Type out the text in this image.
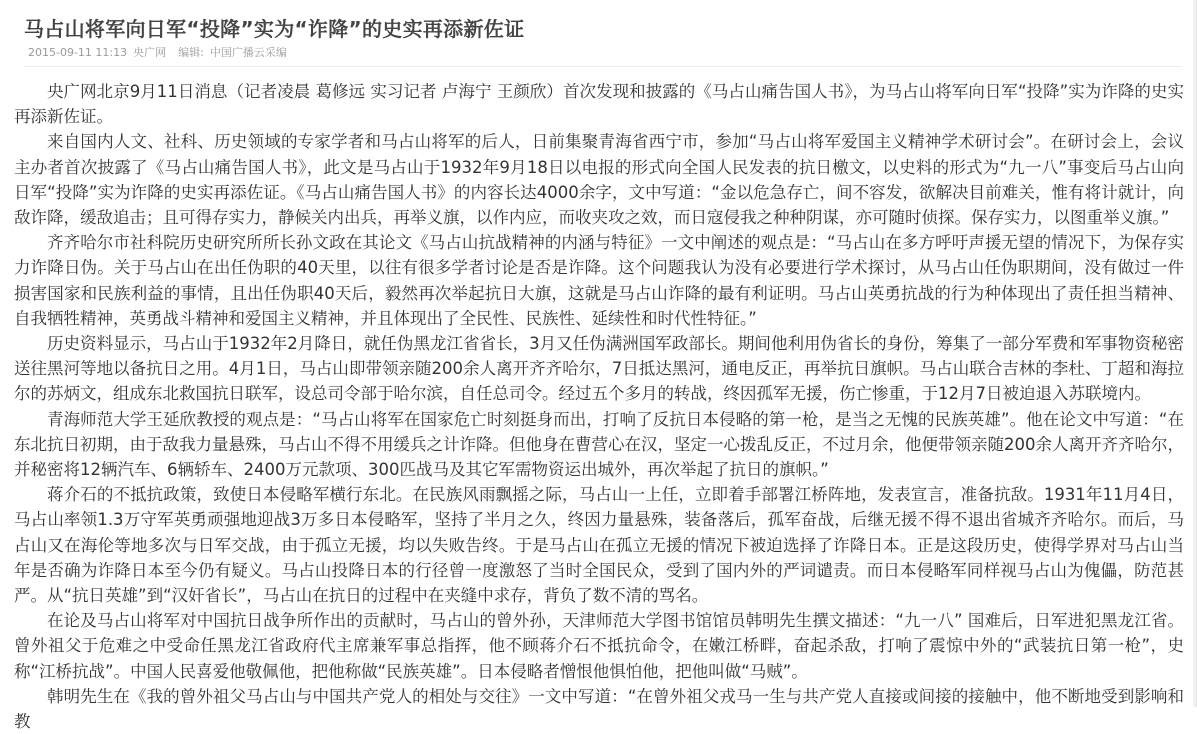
马占山将军向日军“投降”实为“诈降”的史实再添新佐证
2015-09-11 11:13 央广网 编辑: 中国广播云采编

央广网北京9月11日消息（记者凌晨 葛修远 实习记者 卢海宁 王颜欣）首次发现和披露的《马占山痛告国人书》，为马占山将军向日军“投降”实为诈降的史实再添新佐证。

来自国内人文、社科、历史领域的专家学者和马占山将军的后人，日前集聚青海省西宁市，参加“马占山将军爱国主义精神学术研讨会”。在研讨会上，会议主办者首次披露了《马占山痛告国人书》，此文是马占山于1932年9月18日以电报的形式向全国人民发表的抗日檄文，以史料的形式为“九一八”事变后马占山向日军“投降”实为诈降的史实再添佐证。《马占山痛告国人书》的内容长达4000余字，文中写道：“金以危急存亡，间不容发，欲解决目前难关，惟有将计就计，向敌诈降，缓敌追击；且可得存实力，静候关内出兵，再举义旗，以作内应，而收夹攻之效，而日寇侵我之种种阴谋，亦可随时侦探。保存实力，以图重举义旗。”

齐齐哈尔市社科院历史研究所所长孙文政在其论文《马占山抗战精神的内涵与特征》一文中阐述的观点是：“马占山在多方呼吁声援无望的情况下，为保存实力诈降日伪。关于马占山在出任伪职的40天里，以往有很多学者讨论是否是诈降。这个问题我认为没有必要进行学术探讨，从马占山任伪职期间，没有做过一件损害国家和民族利益的事情，且出任伪职40天后，毅然再次举起抗日大旗，这就是马占山诈降的最有利证明。马占山英勇抗战的行为种体现出了责任担当精神、自我牺牲精神，英勇战斗精神和爱国主义精神，并且体现出了全民性、民族性、延续性和时代性特征。”

历史资料显示，马占山于1932年2月降日，就任伪黑龙江省省长，3月又任伪满洲国军政部长。期间他利用伪省长的身份，筹集了一部分军费和军事物资秘密送往黑河等地以备抗日之用。4月1日，马占山即带领亲随200余人离开齐齐哈尔，7日抵达黑河，通电反正，再举抗日旗帜。马占山联合吉林的李杜、丁超和海拉尔的苏炳文，组成东北救国抗日联军，设总司令部于哈尔滨，自任总司令。经过五个多月的转战，终因孤军无援，伤亡惨重，于12月7日被迫退入苏联境内。

青海师范大学王延欣教授的观点是：“马占山将军在国家危亡时刻挺身而出，打响了反抗日本侵略的第一枪，是当之无愧的民族英雄”。他在论文中写道：“在东北抗日初期，由于敌我力量悬殊，马占山不得不用缓兵之计诈降。但他身在曹营心在汉，坚定一心拨乱反正，不过月余，他便带领亲随200余人离开齐齐哈尔，并秘密将12辆汽车、6辆轿车、2400万元款项、300匹战马及其它军需物资运出城外，再次举起了抗日的旗帜。”

蒋介石的不抵抗政策，致使日本侵略军横行东北。在民族风雨飘摇之际，马占山一上任，立即着手部署江桥阵地，发表宣言，准备抗敌。1931年11月4日，马占山率领1.3万守军英勇顽强地迎战3万多日本侵略军，坚持了半月之久，终因力量悬殊，装备落后，孤军奋战，后继无援不得不退出省城齐齐哈尔。而后，马占山又在海伦等地多次与日军交战，由于孤立无援，均以失败告终。于是马占山在孤立无援的情况下被迫选择了诈降日本。正是这段历史，使得学界对马占山当年是否确为诈降日本至今仍有疑义。马占山投降日本的行径曾一度激怒了当时全国民众，受到了国内外的严词谴责。而日本侵略军同样视马占山为傀儡，防范甚严。从“抗日英雄”到“汉奸省长”，马占山在抗日的过程中在夹缝中求存，背负了数不清的骂名。

在论及马占山将军对中国抗日战争所作出的贡献时，马占山的曾外孙，天津师范大学图书馆馆员韩明先生撰文描述：“九一八” 国难后，日军进犯黑龙江省。曾外祖父于危难之中受命任黑龙江省政府代主席兼军事总指挥，他不顾蒋介石不抵抗命令，在嫩江桥畔，奋起杀敌，打响了震惊中外的“武装抗日第一枪”，史称“江桥抗战”。中国人民喜爱他敬佩他，把他称做“民族英雄”。日本侵略者憎恨他惧怕他，把他叫做“马贼”。

韩明先生在《我的曾外祖父马占山与中国共产党人的相处与交往》一文中写道：“在曾外祖父戎马一生与共产党人直接或间接的接触中，他不断地受到影响和教
